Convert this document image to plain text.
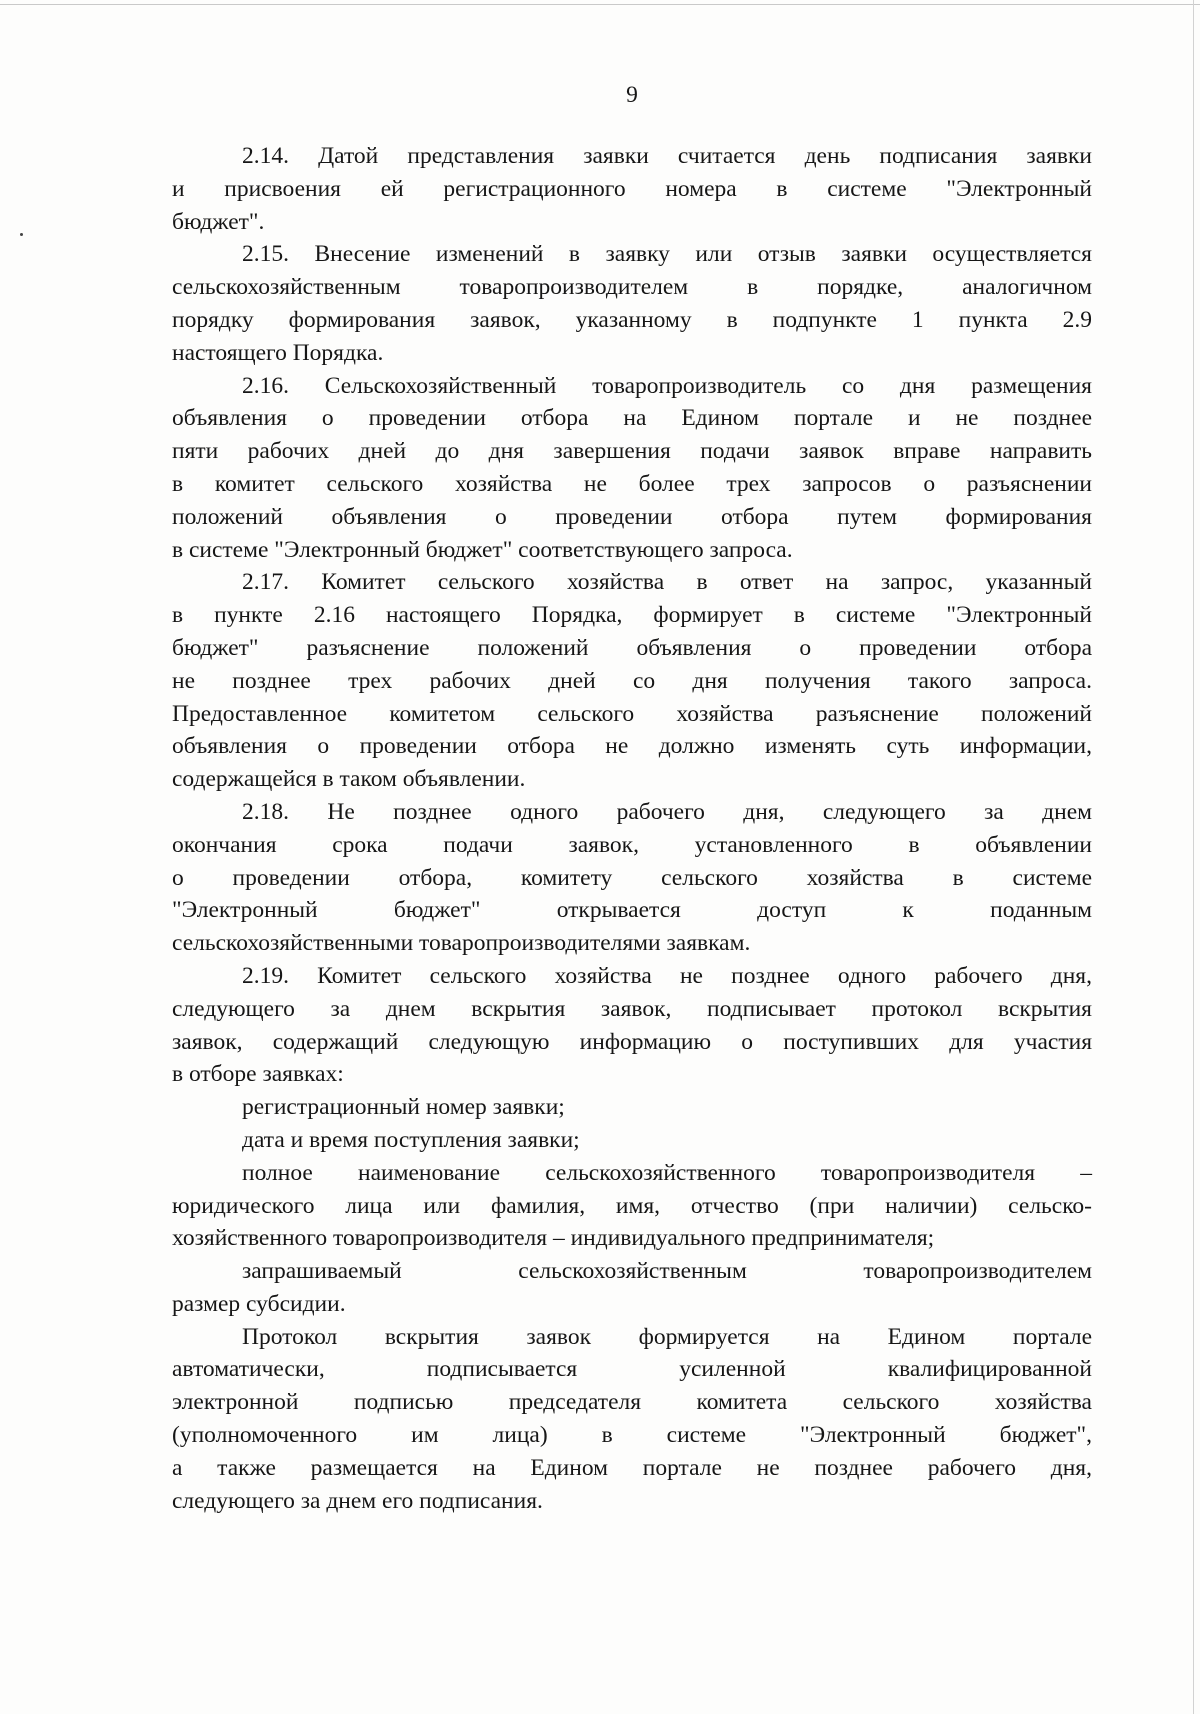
9
2.14. Датой представления заявки считается день подписания заявки
и присвоения ей регистрационного номера в системе "Электронный
бюджет".
2.15. Внесение изменений в заявку или отзыв заявки осуществляется
сельскохозяйственным товаропроизводителем в порядке, аналогичном
порядку формирования заявок, указанному в подпункте 1 пункта 2.9
настоящего Порядка.
2.16. Сельскохозяйственный товаропроизводитель со дня размещения
объявления о проведении отбора на Едином портале и не позднее
пяти рабочих дней до дня завершения подачи заявок вправе направить
в комитет сельского хозяйства не более трех запросов о разъяснении
положений объявления о проведении отбора путем формирования
в системе "Электронный бюджет" соответствующего запроса.
2.17. Комитет сельского хозяйства в ответ на запрос, указанный
в пункте 2.16 настоящего Порядка, формирует в системе "Электронный
бюджет" разъяснение положений объявления о проведении отбора
не позднее трех рабочих дней со дня получения такого запроса.
Предоставленное комитетом сельского хозяйства разъяснение положений
объявления о проведении отбора не должно изменять суть информации,
содержащейся в таком объявлении.
2.18. Не позднее одного рабочего дня, следующего за днем
окончания срока подачи заявок, установленного в объявлении
о проведении отбора, комитету сельского хозяйства в системе
"Электронный бюджет" открывается доступ к поданным
сельскохозяйственными товаропроизводителями заявкам.
2.19. Комитет сельского хозяйства не позднее одного рабочего дня,
следующего за днем вскрытия заявок, подписывает протокол вскрытия
заявок, содержащий следующую информацию о поступивших для участия
в отборе заявках:
регистрационный номер заявки;
дата и время поступления заявки;
полное наименование сельскохозяйственного товаропроизводителя –
юридического лица или фамилия, имя, отчество (при наличии) сельско-
хозяйственного товаропроизводителя – индивидуального предпринимателя;
запрашиваемый сельскохозяйственным товаропроизводителем
размер субсидии.
Протокол вскрытия заявок формируется на Едином портале
автоматически, подписывается усиленной квалифицированной
электронной подписью председателя комитета сельского хозяйства
(уполномоченного им лица) в системе "Электронный бюджет",
а также размещается на Едином портале не позднее рабочего дня,
следующего за днем его подписания.
